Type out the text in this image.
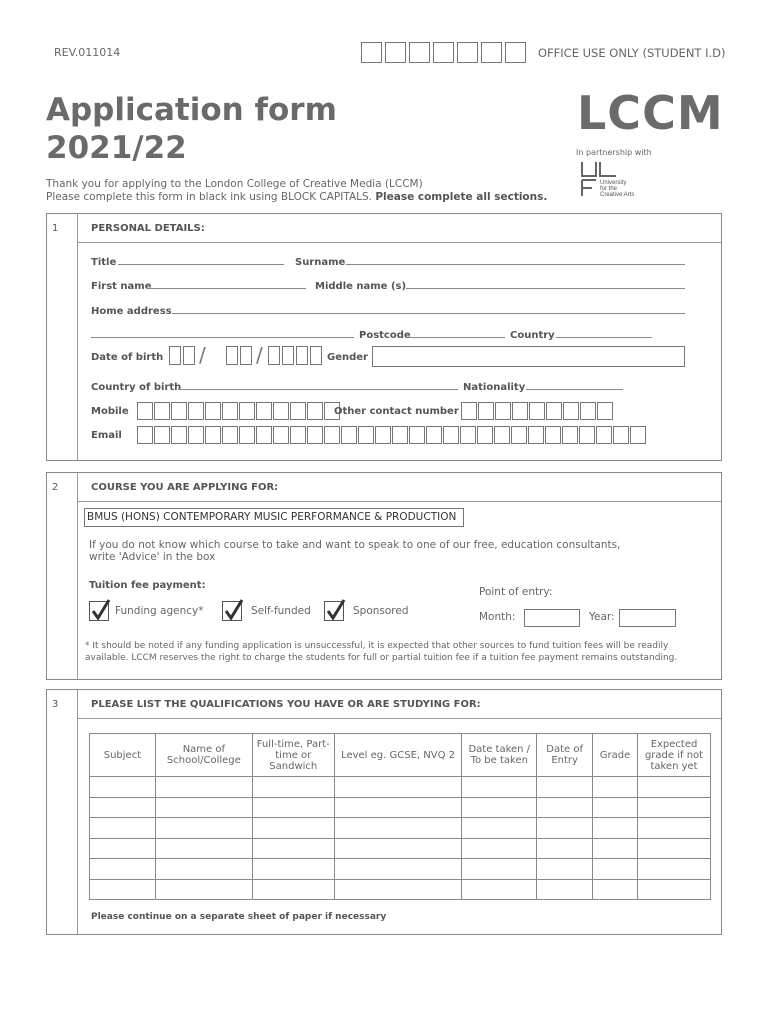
REV.011014	OFFICE USE ONLY (STUDENT I.D)
Application form
2021/22
LCCM
In partnership with
University
for the
Creative Arts
Thank you for applying to the London College of Creative Media (LCCM)
Please complete this form in black ink using BLOCK CAPITALS. Please complete all sections.
1	PERSONAL DETAILS:
Title	Surname
First name	Middle name (s)
Home address
Postcode	Country
Date of birth /	/	Gender
Country of birth	Nationality
Mobile	Other contact number
Email
2	COURSE YOU ARE APPLYING FOR:
BMUS (HONS) CONTEMPORARY MUSIC PERFORMANCE & PRODUCTION
If you do not know which course to take and want to speak to one of our free, education consultants,
write 'Advice' in the box
Tuition fee payment:
Funding agency*	Self-funded	Sponsored
Point of entry:
Month:	Year:
* It should be noted if any funding application is unsuccessful, it is expected that other sources to fund tuition fees will be readily
available. LCCM reserves the right to charge the students for full or partial tuition fee if a tuition fee payment remains outstanding.
3	PLEASE LIST THE QUALIFICATIONS YOU HAVE OR ARE STUDYING FOR:
Subject	Name of School/College	Full-time, Part-time or Sandwich	Level eg. GCSE, NVQ 2	Date taken / To be taken	Date of Entry	Grade	Expected grade if not taken yet

Please continue on a separate sheet of paper if necessary
